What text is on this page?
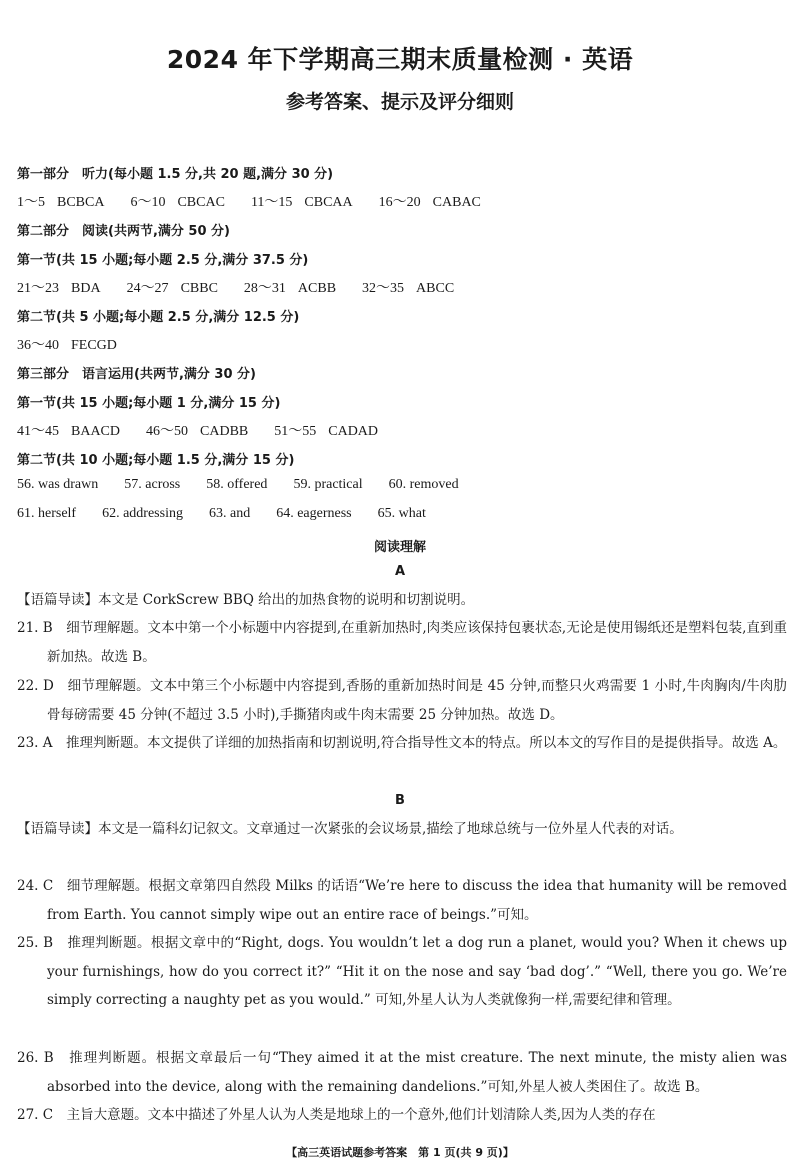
2024 年下学期高三期末质量检测 · 英语
参考答案、提示及评分细则
第一部分　听力(每小题 1.5 分,共 20 题,满分 30 分)
1～5 BCBCA 6～10 CBCAC 11～15 CBCAA 16～20 CABAC
第二部分　阅读(共两节,满分 50 分)
第一节(共 15 小题;每小题 2.5 分,满分 37.5 分)
21～23 BDA 24～27 CBBC 28～31 ACBB 32～35 ABCC
第二节(共 5 小题;每小题 2.5 分,满分 12.5 分)
36～40 FECGD
第三部分　语言运用(共两节,满分 30 分)
第一节(共 15 小题;每小题 1 分,满分 15 分)
41～45 BAACD 46～50 CADBB 51～55 CADAD
第二节(共 10 小题;每小题 1.5 分,满分 15 分)
56. was drawn 57. across 58. offered 59. practical 60. removed
61. herself 62. addressing 63. and 64. eagerness 65. what
阅读理解
A
【语篇导读】本文是 CorkScrew BBQ 给出的加热食物的说明和切割说明。
21. B　细节理解题。文本中第一个小标题中内容提到,在重新加热时,肉类应该保持包裹状态,无论是使用锡纸还是塑料包装,直到重新加热。故选 B。
22. D　细节理解题。文本中第三个小标题中内容提到,香肠的重新加热时间是 45 分钟,而整只火鸡需要 1 小时,牛肉胸肉/牛肉肋骨每磅需要 45 分钟(不超过 3.5 小时),手撕猪肉或牛肉末需要 25 分钟加热。故选 D。
23. A　推理判断题。本文提供了详细的加热指南和切割说明,符合指导性文本的特点。所以本文的写作目的是提供指导。故选 A。
B
【语篇导读】本文是一篇科幻记叙文。文章通过一次紧张的会议场景,描绘了地球总统与一位外星人代表的对话。
24. C　细节理解题。根据文章第四自然段 Milks 的话语“We’re here to discuss the idea that humanity will be removed from Earth. You cannot simply wipe out an entire race of beings.”可知。
25. B　推理判断题。根据文章中的“Right, dogs. You wouldn’t let a dog run a planet, would you? When it chews up your furnishings, how do you correct it?” “Hit it on the nose and say ‘bad dog’.” “Well, there you go. We’re simply correcting a naughty pet as you would.” 可知,外星人认为人类就像狗一样,需要纪律和管理。
26. B　推理判断题。根据文章最后一句“They aimed it at the mist creature. The next minute, the misty alien was absorbed into the device, along with the remaining dandelions.”可知,外星人被人类困住了。故选 B。
27. C　主旨大意题。文本中描述了外星人认为人类是地球上的一个意外,他们计划清除人类,因为人类的存在
【高三英语试题参考答案　第 1 页(共 9 页)】
